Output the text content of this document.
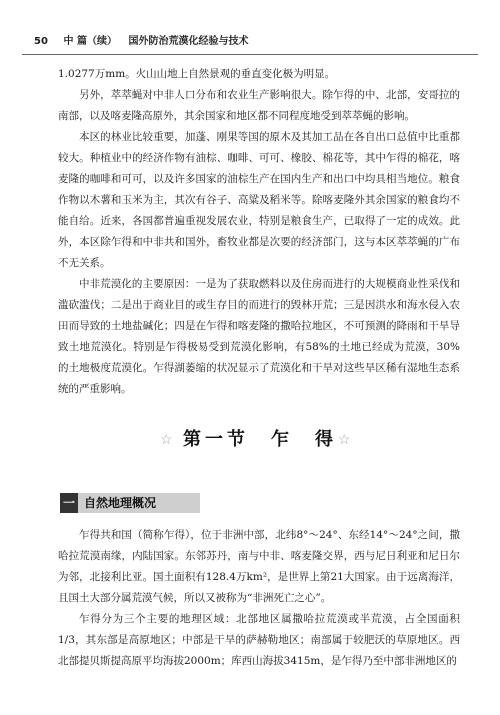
50 中 篇（续） 国外防治荒漠化经验与技术

1.0277万mm。火山山地上自然景观的垂直变化极为明显。

另外，萃萃蝇对中非人口分布和农业生产影响很大。除乍得的中、北部，安哥拉的南部，以及喀麦隆高原外，其余国家和地区都不同程度地受到萃萃蝇的影响。

本区的林业比较重要，加蓬、刚果等国的原木及其加工品在各自出口总值中比重都较大。种植业中的经济作物有油棕、咖啡、可可、橡胶、棉花等，其中乍得的棉花，喀麦隆的咖啡和可可，以及许多国家的油棕生产在国内生产和出口中均具相当地位。粮食作物以木薯和玉米为主，其次有谷子、高粱及稻米等。除喀麦隆外其余国家的粮食均不能自给。近来，各国都普遍重视发展农业，特别是粮食生产，已取得了一定的成效。此外，本区除乍得和中非共和国外，畜牧业都是次要的经济部门，这与本区萃萃蝇的广布不无关系。

中非荒漠化的主要原因：一是为了获取燃料以及住房而进行的大规模商业性采伐和滥砍滥伐；二是出于商业目的或生存目的而进行的毁林开荒；三是因洪水和海水侵入农田而导致的土地盐碱化；四是在乍得和喀麦隆的撒哈拉地区，不可预测的降雨和干旱导致土地荒漠化。特别是乍得极易受到荒漠化影响，有58%的土地已经成为荒漠，30%的土地极度荒漠化。乍得湖萎缩的状况显示了荒漠化和干旱对这些旱区稀有湿地生态系统的严重影响。

☆ 第一节　乍　得 ☆
一 自然地理概况

乍得共和国（简称乍得），位于非洲中部，北纬8°～24°、东经14°～24°之间，撒哈拉荒漠南缘，内陆国家。东邻苏丹，南与中非、喀麦隆交界，西与尼日利亚和尼日尔为邻，北接利比亚。国土面积有128.4万km²，是世界上第21大国家。由于远离海洋，且国土大部分属荒漠气候，所以又被称为“非洲死亡之心”。

乍得分为三个主要的地理区域：北部地区属撒哈拉荒漠或半荒漠，占全国面积1/3，其东部是高原地区；中部是干旱的萨赫勒地区；南部属于较肥沃的草原地区。西北部提贝斯提高原平均海拔2000m；库西山海拔3415m，是乍得乃至中部非洲地区的
